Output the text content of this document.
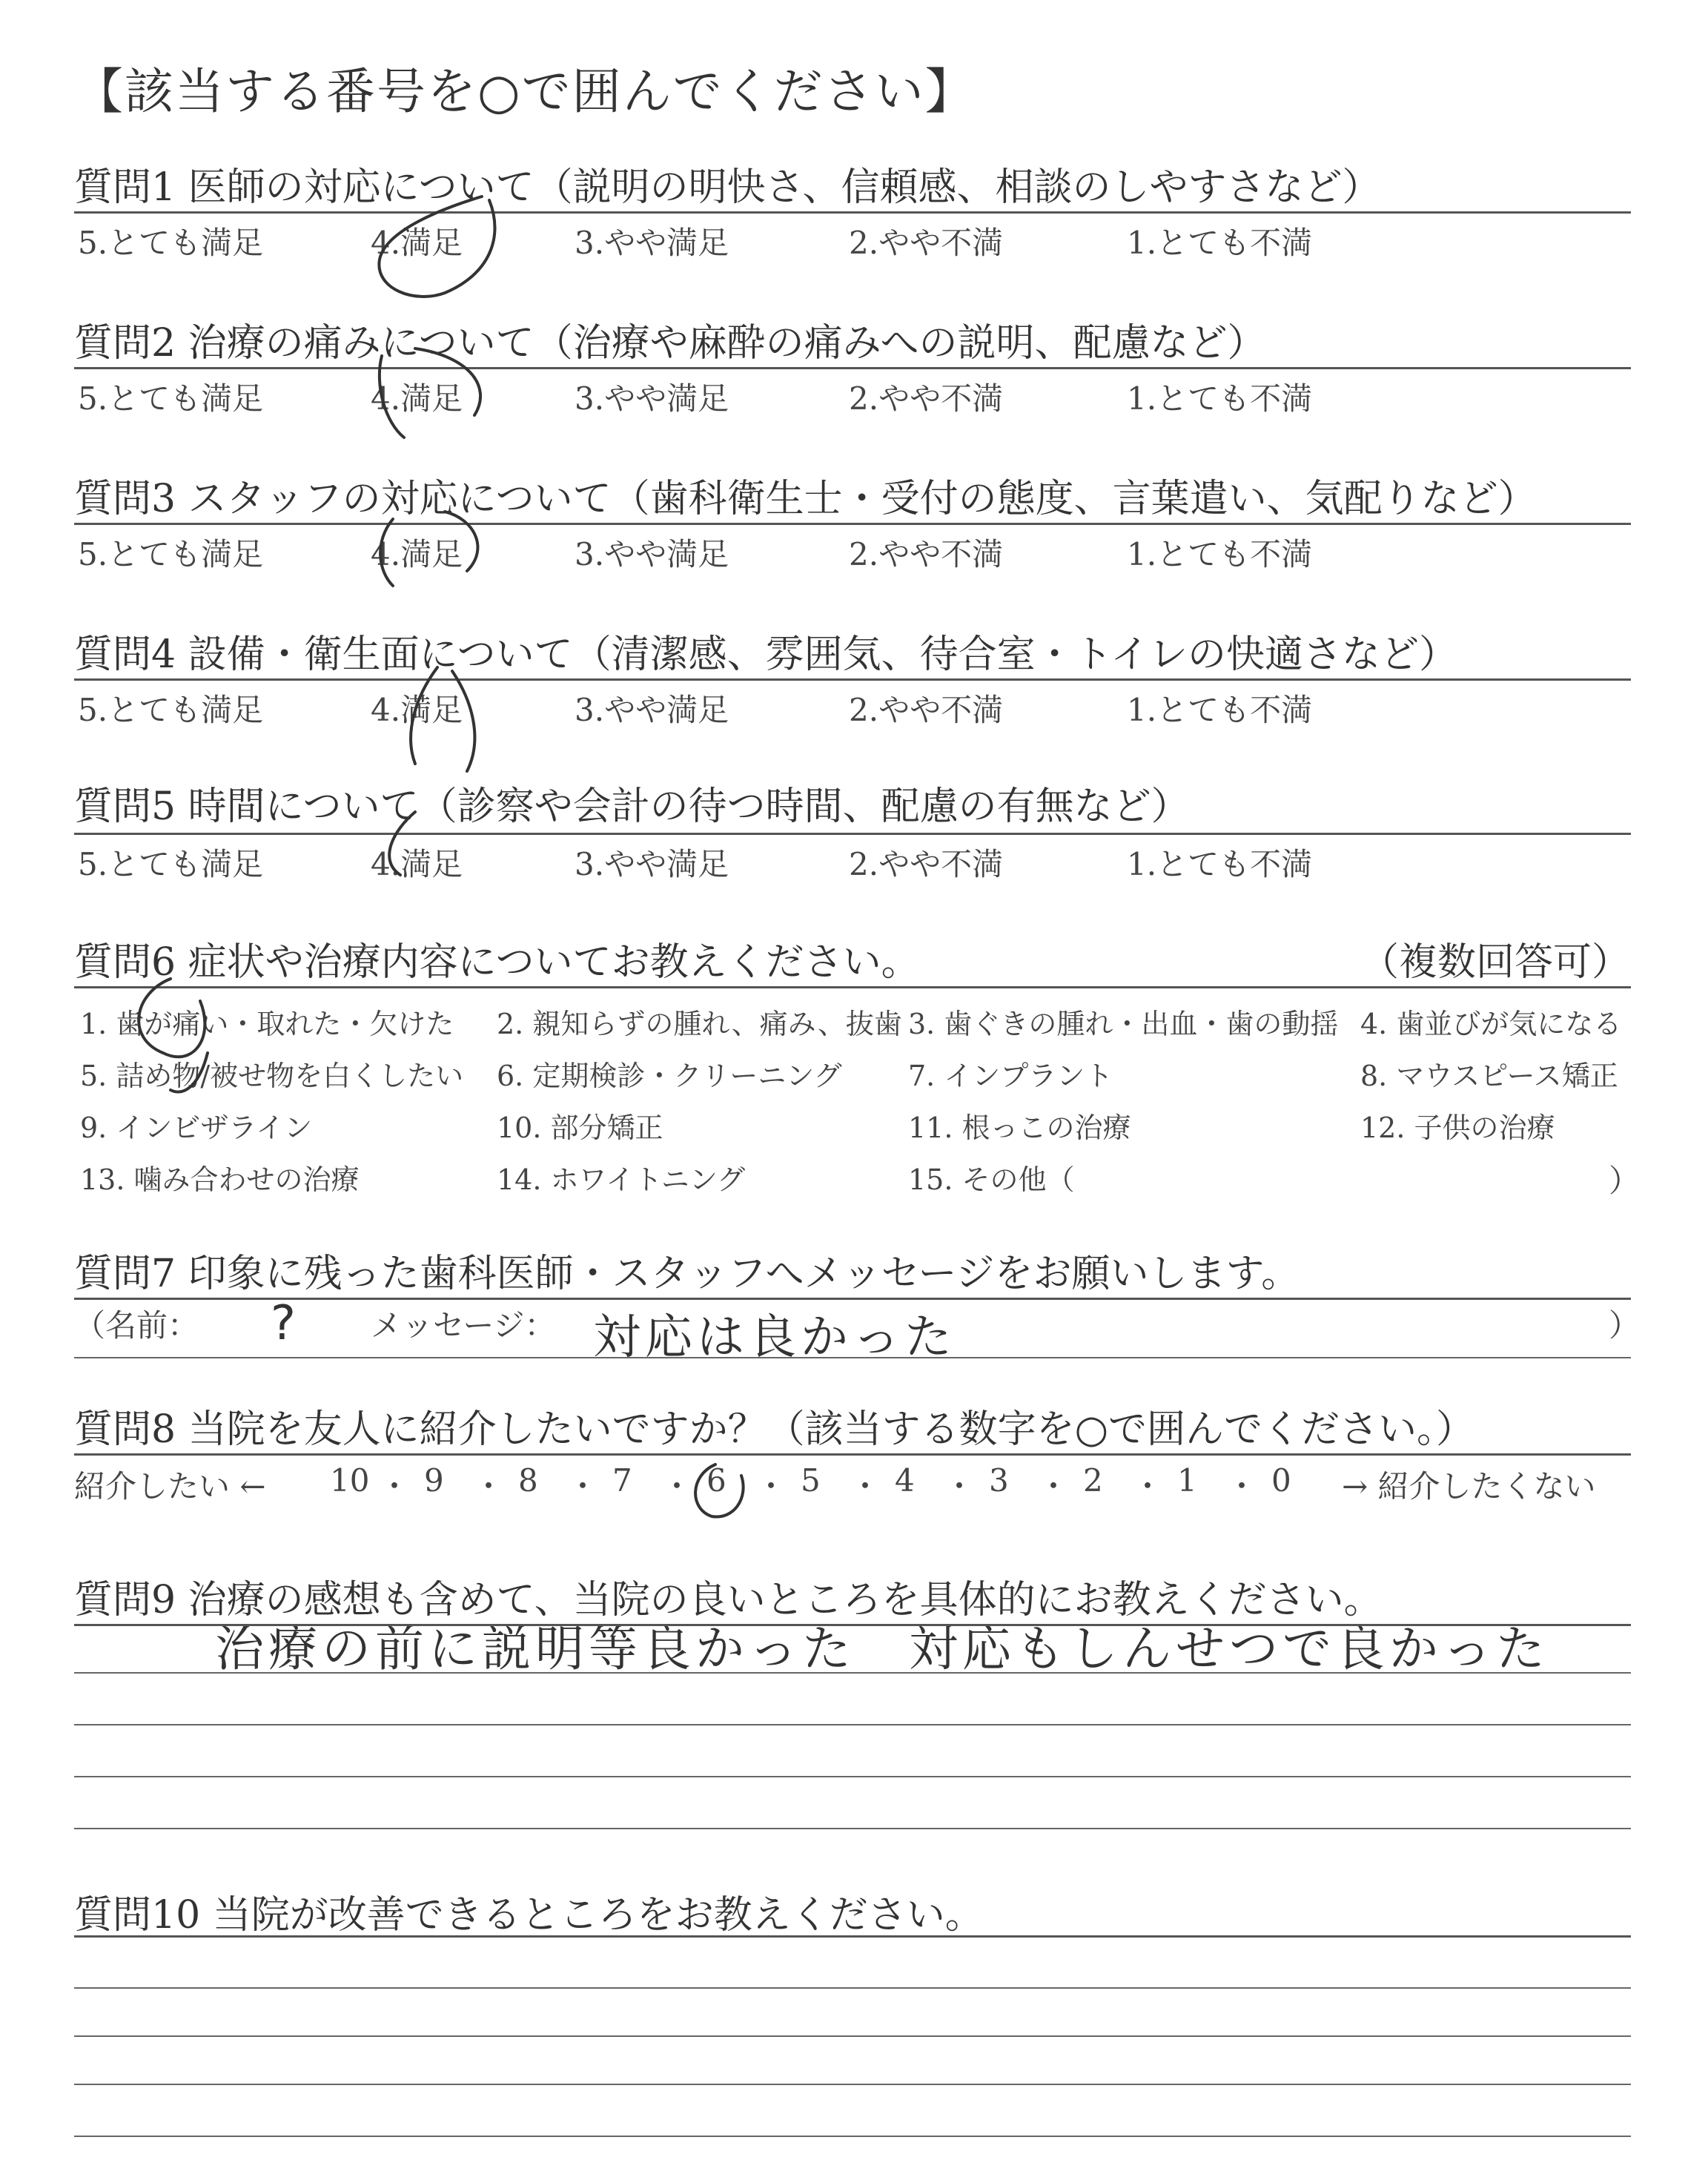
【該当する番号を○で囲んでください】
質問1 医師の対応について（説明の明快さ、信頼感、相談のしやすさなど）
5.とても満足	4.満足	3.やや満足	2.やや不満	1.とても不満
質問2 治療の痛みについて（治療や麻酔の痛みへの説明、配慮など）
5.とても満足	4.満足	3.やや満足	2.やや不満	1.とても不満
質問3 スタッフの対応について（歯科衛生士・受付の態度、言葉遣い、気配りなど）
5.とても満足	4.満足	3.やや満足	2.やや不満	1.とても不満
質問4 設備・衛生面について（清潔感、雰囲気、待合室・トイレの快適さなど）
5.とても満足	4.満足	3.やや満足	2.やや不満	1.とても不満
質問5 時間について（診察や会計の待つ時間、配慮の有無など）
5.とても満足	4.満足	3.やや満足	2.やや不満	1.とても不満
質問6 症状や治療内容についてお教えください。	（複数回答可）
1. 歯が痛い・取れた・欠けた 2. 親知らずの腫れ、痛み、抜歯 3. 歯ぐきの腫れ・出血・歯の動揺 4. 歯並びが気になる
5. 詰め物/被せ物を白くしたい 6. 定期検診・クリーニング 7. インプラント	8. マウスピース矯正
9. インビザライン	10. 部分矯正	11. 根っこの治療	12. 子供の治療
13. 噛み合わせの治療	14. ホワイトニング	15. その他（	）
質問7 印象に残った歯科医師・スタッフへメッセージをお願いします。
（名前： ? メッセージ： 対応は良かった	）
質問8 当院を友人に紹介したいですか？（該当する数字を○で囲んでください。）
紹介したい ← 10 ・ 9 ・ 8 ・ 7 ・ 6 ・ 5 ・ 4 ・ 3 ・ 2 ・ 1 ・ 0 → 紹介したくない
質問9 治療の感想も含めて、当院の良いところを具体的にお教えください。
治療の前に説明等良かった　対応もしんせつで良かった
質問10 当院が改善できるところをお教えください。
